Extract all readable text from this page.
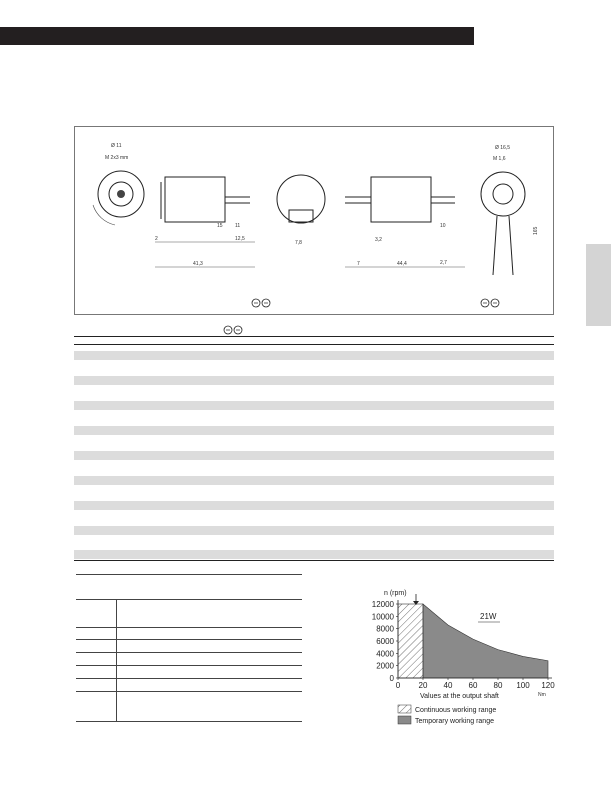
Ø 11
M 2x3 mm
41,3
15 11
12,5
2
7,8
44,4
7
3,2
10
2,7
Ø 16,5
M 1,6
165
0
2000
4000
6000
8000
10000
12000
0 20 40 60 80 100 120
n (rpm)
21W
Values at the output shaft	Nm
Continuous working range
Temporary working range
